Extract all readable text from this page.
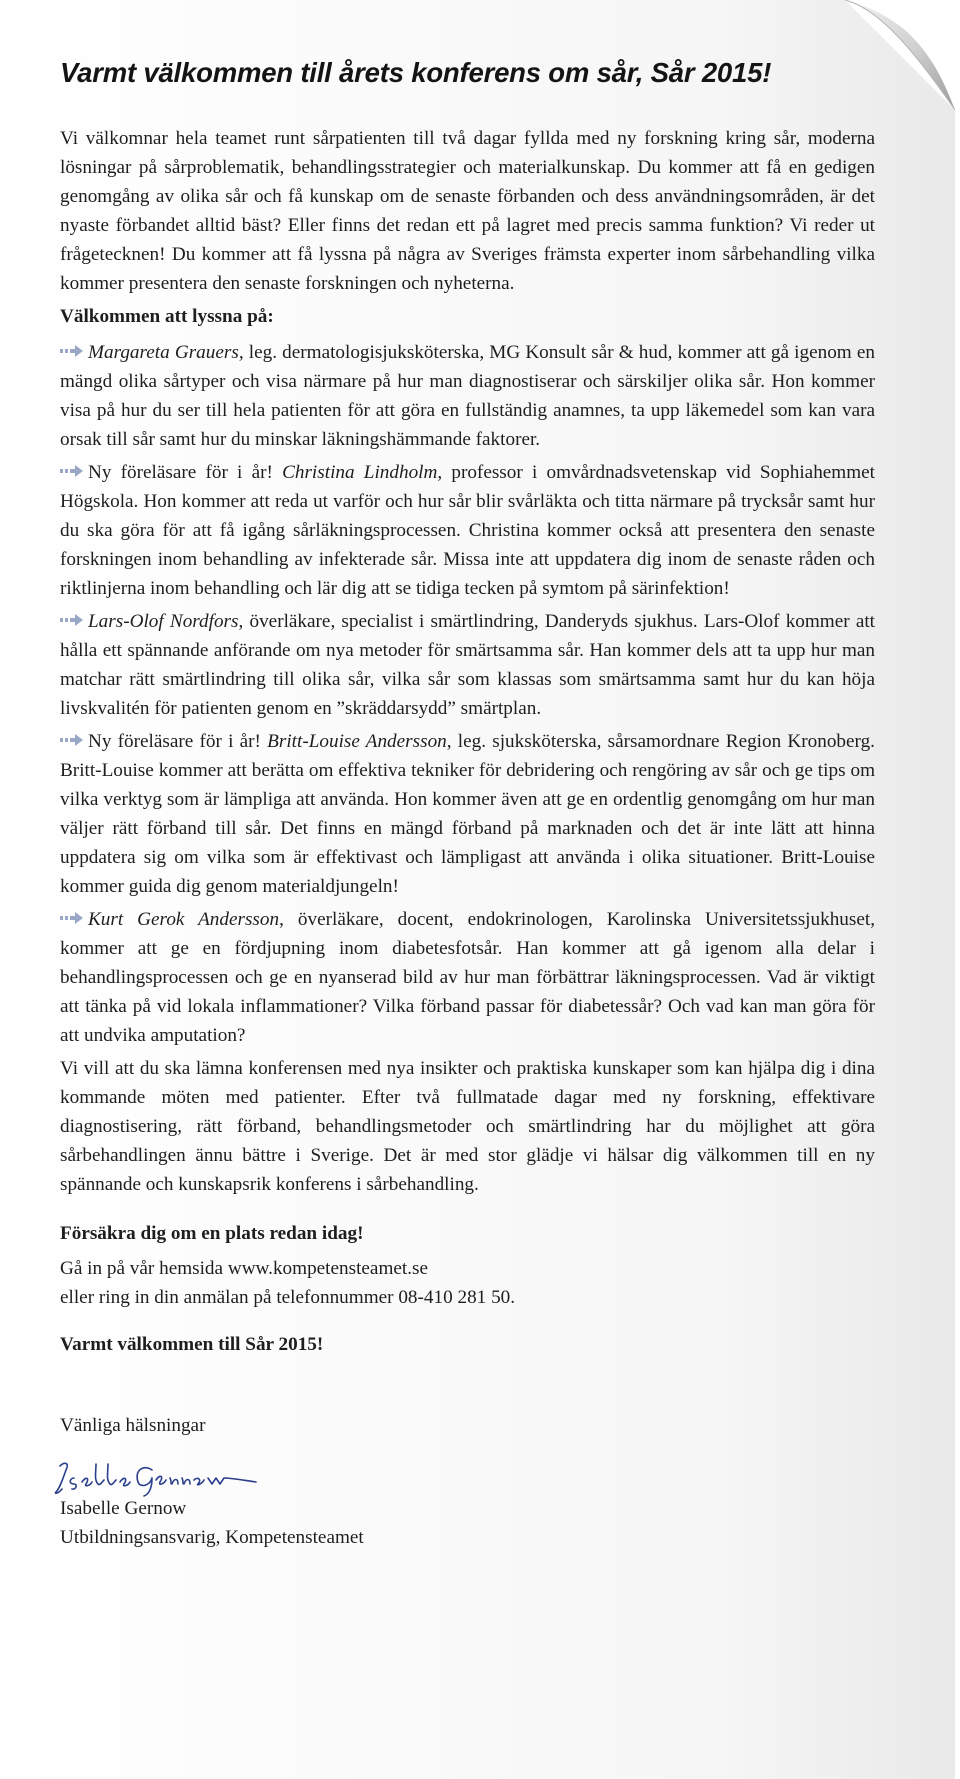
Varmt välkommen till årets konferens om sår, Sår 2015!

Vi välkomnar hela teamet runt sårpatienten till två dagar fyllda med ny forskning kring sår, moderna lösningar på sårproblematik, behandlingsstrategier och materialkunskap. Du kommer att få en gedigen genomgång av olika sår och få kunskap om de senaste förbanden och dess användningsområden, är det nyaste förbandet alltid bäst? Eller finns det redan ett på lagret med precis samma funktion? Vi reder ut frågetecknen! Du kommer att få lyssna på några av Sveriges främsta experter inom sårbehandling vilka kommer presentera den senaste forskningen och nyheterna.

Välkommen att lyssna på:

Margareta Grauers, leg. dermatologisjuksköterska, MG Konsult sår & hud, kommer att gå igenom en mängd olika sårtyper och visa närmare på hur man diagnostiserar och särskiljer olika sår. Hon kommer visa på hur du ser till hela patienten för att göra en fullständig anamnes, ta upp läkemedel som kan vara orsak till sår samt hur du minskar läkningshämmande faktorer.

Ny föreläsare för i år! Christina Lindholm, professor i omvårdnadsvetenskap vid Sophiahemmet Högskola. Hon kommer att reda ut varför och hur sår blir svårläkta och titta närmare på trycksår samt hur du ska göra för att få igång sårläkningsprocessen. Christina kommer också att presentera den senaste forskningen inom behandling av infekterade sår. Missa inte att uppdatera dig inom de senaste råden och riktlinjerna inom behandling och lär dig att se tidiga tecken på symtom på särinfektion!

Lars-Olof Nordfors, överläkare, specialist i smärtlindring, Danderyds sjukhus. Lars-Olof kommer att hålla ett spännande anförande om nya metoder för smärtsamma sår. Han kommer dels att ta upp hur man matchar rätt smärtlindring till olika sår, vilka sår som klassas som smärtsamma samt hur du kan höja livskvalitén för patienten genom en ”skräddarsydd” smärtplan.

Ny föreläsare för i år! Britt-Louise Andersson, leg. sjuksköterska, sårsamordnare Region Kronoberg. Britt-Louise kommer att berätta om effektiva tekniker för debridering och rengöring av sår och ge tips om vilka verktyg som är lämpliga att använda. Hon kommer även att ge en ordentlig genomgång om hur man väljer rätt förband till sår. Det finns en mängd förband på marknaden och det är inte lätt att hinna uppdatera sig om vilka som är effektivast och lämpligast att använda i olika situationer. Britt-Louise kommer guida dig genom materialdjungeln!

Kurt Gerok Andersson, överläkare, docent, endokrinologen, Karolinska Universitetssjukhuset, kommer att ge en fördjupning inom diabetesfotsår. Han kommer att gå igenom alla delar i behandlingsprocessen och ge en nyanserad bild av hur man förbättrar läkningsprocessen. Vad är viktigt att tänka på vid lokala inflammationer? Vilka förband passar för diabetessår? Och vad kan man göra för att undvika amputation?

Vi vill att du ska lämna konferensen med nya insikter och praktiska kunskaper som kan hjälpa dig i dina kommande möten med patienter. Efter två fullmatade dagar med ny forskning, effektivare diagnostisering, rätt förband, behandlingsmetoder och smärtlindring har du möjlighet att göra sårbehandlingen ännu bättre i Sverige. Det är med stor glädje vi hälsar dig välkommen till en ny spännande och kunskapsrik konferens i sårbehandling.

Försäkra dig om en plats redan idag!

Gå in på vår hemsida www.kompetensteamet.se
eller ring in din anmälan på telefonnummer 08-410 281 50.

Varmt välkommen till Sår 2015!

Vänliga hälsningar

Isabelle Gernow
Utbildningsansvarig, Kompetensteamet
